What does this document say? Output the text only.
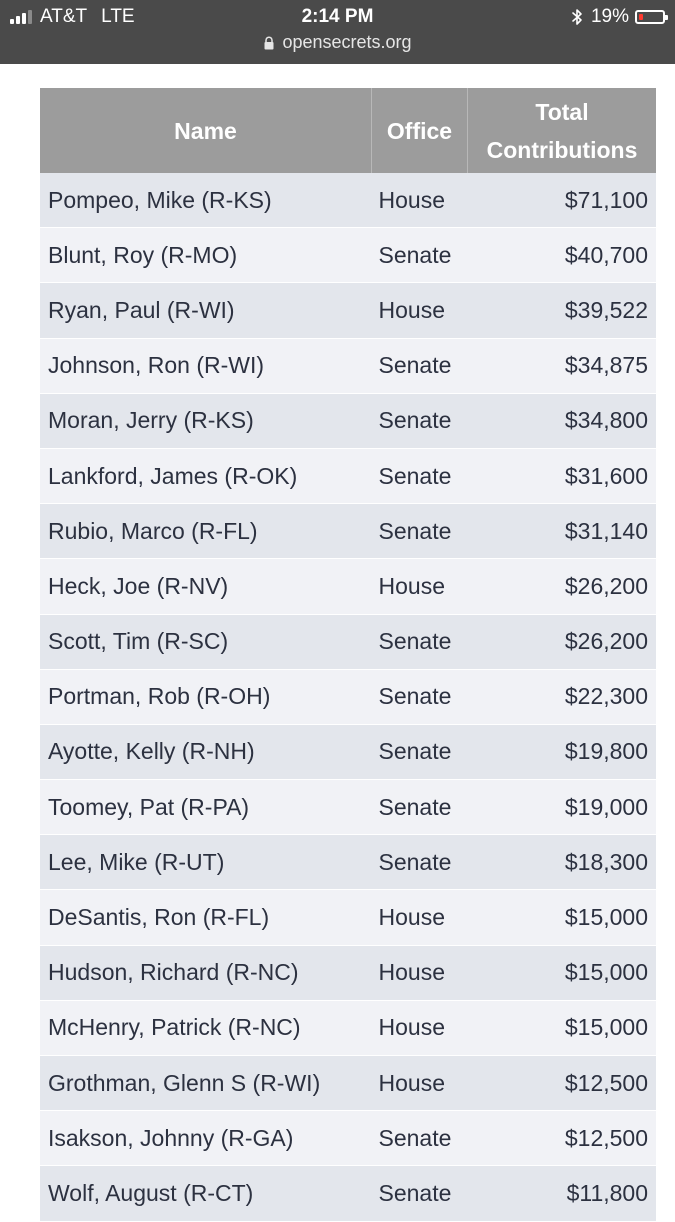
AT&T LTE	2:14 PM	19%
opensecrets.org
Name	Office	Total
Contributions
Pompeo, Mike (R-KS)	House	$71,100
Blunt, Roy (R-MO)	Senate	$40,700
Ryan, Paul (R-WI)	House	$39,522
Johnson, Ron (R-WI)	Senate	$34,875
Moran, Jerry (R-KS)	Senate	$34,800
Lankford, James (R-OK)	Senate	$31,600
Rubio, Marco (R-FL)	Senate	$31,140
Heck, Joe (R-NV)	House	$26,200
Scott, Tim (R-SC)	Senate	$26,200
Portman, Rob (R-OH)	Senate	$22,300
Ayotte, Kelly (R-NH)	Senate	$19,800
Toomey, Pat (R-PA)	Senate	$19,000
Lee, Mike (R-UT)	Senate	$18,300
DeSantis, Ron (R-FL)	House	$15,000
Hudson, Richard (R-NC)	House	$15,000
McHenry, Patrick (R-NC)	House	$15,000
Grothman, Glenn S (R-WI)	House	$12,500
Isakson, Johnny (R-GA)	Senate	$12,500
Wolf, August (R-CT)	Senate	$11,800
